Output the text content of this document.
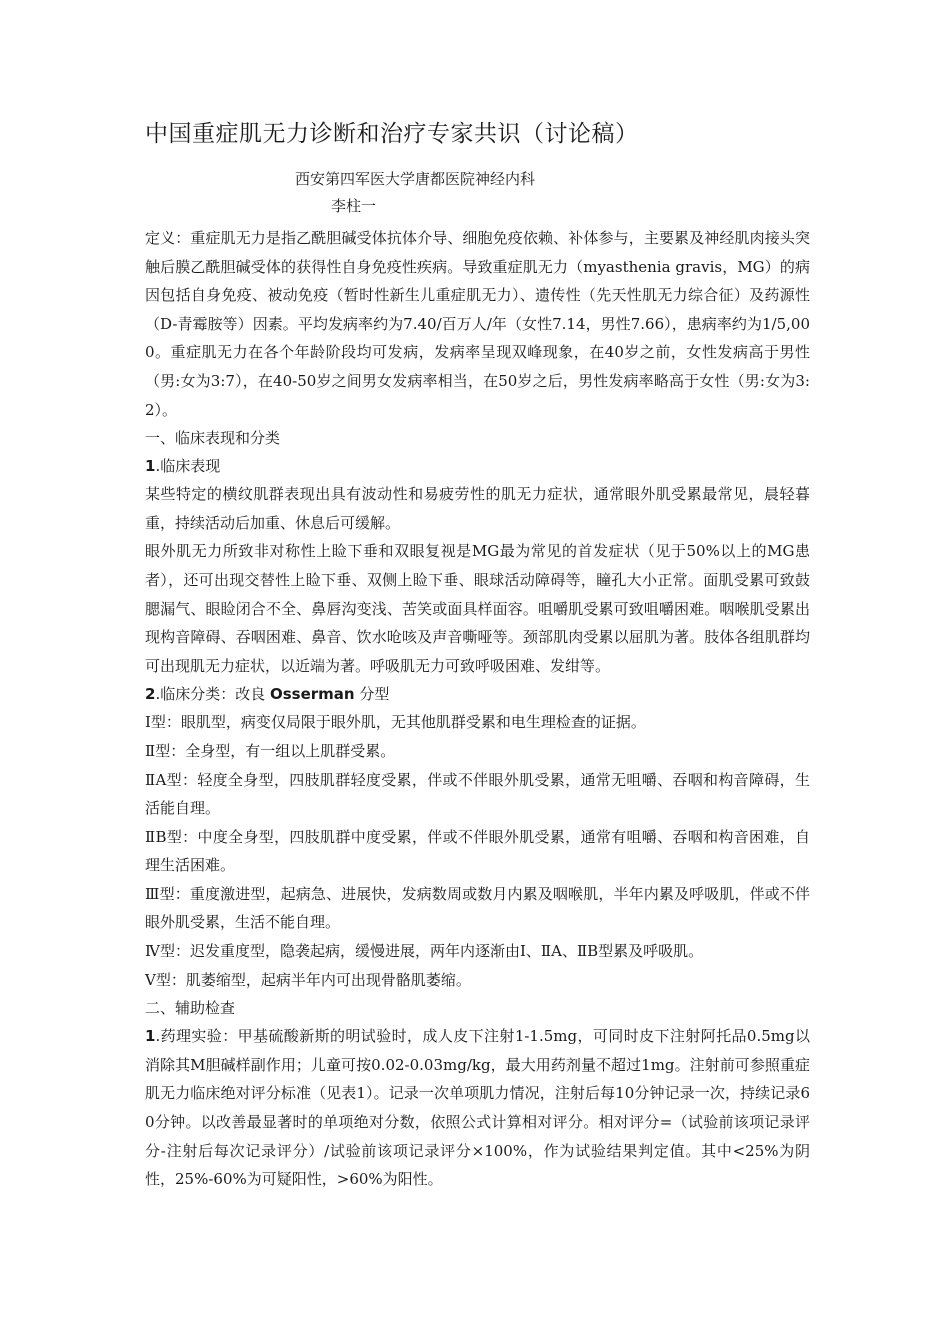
中国重症肌无力诊断和治疗专家共识（讨论稿）
西安第四军医大学唐都医院神经内科
李柱一

定义：重症肌无力是指乙酰胆碱受体抗体介导、细胞免疫依赖、补体参与，主要累及神经肌肉接头突触后膜乙酰胆碱受体的获得性自身免疫性疾病。导致重症肌无力（myasthenia gravis，MG）的病因包括自身免疫、被动免疫（暂时性新生儿重症肌无力）、遗传性（先天性肌无力综合征）及药源性（D-青霉胺等）因素。平均发病率约为7.40/百万人/年（女性7.14，男性7.66），患病率约为1/5,000。重症肌无力在各个年龄阶段均可发病，发病率呈现双峰现象，在40岁之前，女性发病高于男性（男:女为3:7），在40-50岁之间男女发病率相当，在50岁之后，男性发病率略高于女性（男:女为3:2）。

一、临床表现和分类

1.临床表现

某些特定的横纹肌群表现出具有波动性和易疲劳性的肌无力症状，通常眼外肌受累最常见，晨轻暮重，持续活动后加重、休息后可缓解。

眼外肌无力所致非对称性上睑下垂和双眼复视是MG最为常见的首发症状（见于50%以上的MG患者），还可出现交替性上睑下垂、双侧上睑下垂、眼球活动障碍等，瞳孔大小正常。面肌受累可致鼓腮漏气、眼睑闭合不全、鼻唇沟变浅、苦笑或面具样面容。咀嚼肌受累可致咀嚼困难。咽喉肌受累出现构音障碍、吞咽困难、鼻音、饮水呛咳及声音嘶哑等。颈部肌肉受累以屈肌为著。肢体各组肌群均可出现肌无力症状，以近端为著。呼吸肌无力可致呼吸困难、发绀等。

2.临床分类：改良 Osserman 分型

Ⅰ型：眼肌型，病变仅局限于眼外肌，无其他肌群受累和电生理检查的证据。

Ⅱ型：全身型，有一组以上肌群受累。

ⅡA型：轻度全身型，四肢肌群轻度受累，伴或不伴眼外肌受累，通常无咀嚼、吞咽和构音障碍，生活能自理。

ⅡB型：中度全身型，四肢肌群中度受累，伴或不伴眼外肌受累，通常有咀嚼、吞咽和构音困难，自理生活困难。

Ⅲ型：重度激进型，起病急、进展快，发病数周或数月内累及咽喉肌，半年内累及呼吸肌，伴或不伴眼外肌受累，生活不能自理。

Ⅳ型：迟发重度型，隐袭起病，缓慢进展，两年内逐渐由Ⅰ、ⅡA、ⅡB型累及呼吸肌。

Ⅴ型：肌萎缩型，起病半年内可出现骨骼肌萎缩。

二、辅助检查

1.药理实验：甲基硫酸新斯的明试验时，成人皮下注射1-1.5mg，可同时皮下注射阿托品0.5mg以消除其M胆碱样副作用；儿童可按0.02-0.03mg/kg，最大用药剂量不超过1mg。注射前可参照重症肌无力临床绝对评分标准（见表1）。记录一次单项肌力情况，注射后每10分钟记录一次，持续记录60分钟。以改善最显著时的单项绝对分数，依照公式计算相对评分。相对评分=（试验前该项记录评分-注射后每次记录评分）/试验前该项记录评分×100%，作为试验结果判定值。其中<25%为阴性，25%-60%为可疑阳性，>60%为阳性。
